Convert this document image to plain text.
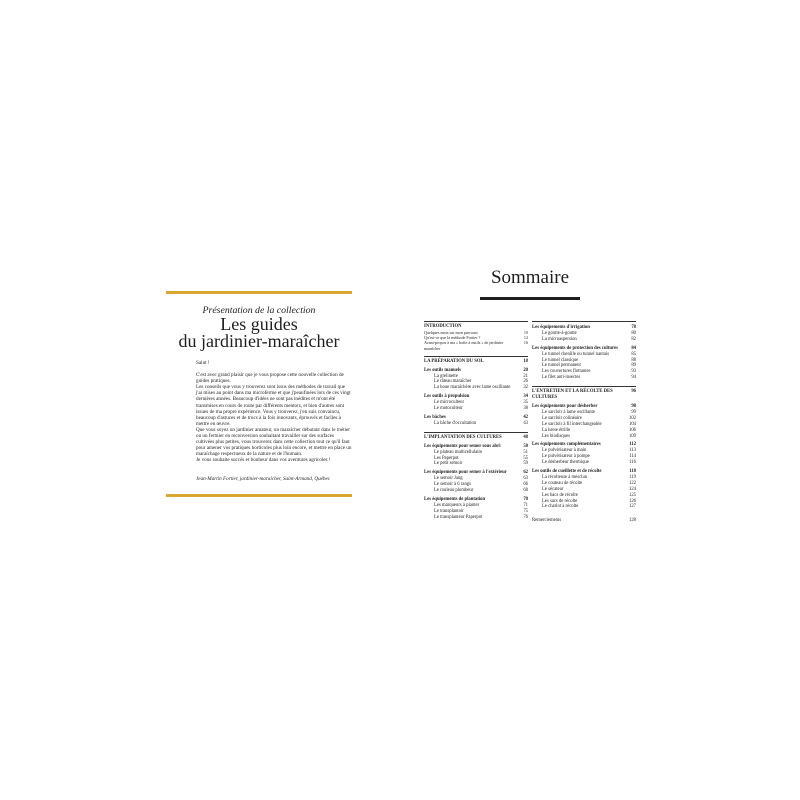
Présentation de la collection
Les guides
du jardinier-maraîcher

Salut !

C'est avec grand plaisir que je vous propose cette nouvelle collection de guides pratiques.

Les conseils que vous y trouverez sont issus des méthodes de travail que j'ai mises au point dans ma microferme et que j'peaufinées lors de ces vingt dernières années. Beaucoup d'idées ne sont pas inédites et m'ont été transmises en cours de route par différents mentors, et bien d'autres sont issues de ma propre expérience. Vous y trouverez, j'en suis convaincu, beaucoup d'astuces et de trucs à la fois innovants, éprouvés et faciles à mettre en œuvre.

Que vous soyez un jardinier amateur, un maraîcher débutant dans le métier ou un fermier en reconversion souhaitant travailler sur des surfaces cultivées plus petites, vous trouverez dans cette collection tout ce qu'il faut pour amener vos pratiques horticoles plus loin encore, et mettre en place un maraîchage respectueux de la nature et de l'humain.

Je vous souhaite succès et bonheur dans vos aventures agricoles !

Jean-Martin Fortier, jardinier-maraîcher, Saint-Armand, Québec

Sommaire
INTRODUCTION
Quelques mots sur mon parcours	10
Qu'est-ce que la méthode Fortier ?	12
Avant-propos à ma « boîte à outils » de jardinier maraîcher
16
LA PRÉPARATION DU SOL	18
Les outils manuels	20
La grelinette	21
Le râteau maraîcher	26
La houe maraîchère avec lame oscillante	32
Les outils à propulsion	34
Le microculteur	35
Le motoculteur	38
Les bâches	42
La bâche d'occultation	43
L'IMPLANTATION DES CULTURES	48
Les équipements pour semer sous abri	50
Le plateau multicellulaire	51
Les Paperpot	55
Le petit semoir	59
Les équipements pour semer à l'extérieur	62
Le semoir Jang	63
Le semoir à 6 rangs	66
Le rouleau plombeur	68
Les équipements de plantation	70
Les marqueurs à planter	71
Le transplantoir	75
Le transplanteur Paperpot	76
Les équipements d'irrigation	78
Le goutte-à-goutte	80
La microaspersion	82
Les équipements de protection des cultures	84
Le tunnel chenille ou tunnel nantais	85
Le tunnel classique	88
Le tunnel permanent	89
Les couvertures flottantes	93
Le filet anti-insectes	94
L'ENTRETIEN ET LA RÉCOLTE DES CULTURES
96
Les équipements pour désherber	98
Le sarcloir à lame oscillante	99
Le sarcloir colinéaire	102
Le sarcloir à fil interchangeable	104
La herse étrille	106
Les biodisques	109
Les équipements complémentaires	112
Le pulvérisateur à main	113
Le pulvérisateur à pompe	114
Le désherbeur thermique	116
Les outils de cueillette et de récolte	118
La récolteuse à mesclun	119
Le couteau de récolte	122
Le sécateur	124
Les bacs de récolte	125
Les sacs de récolte	126
Le chariot à récolte	127
Remerciements	128
